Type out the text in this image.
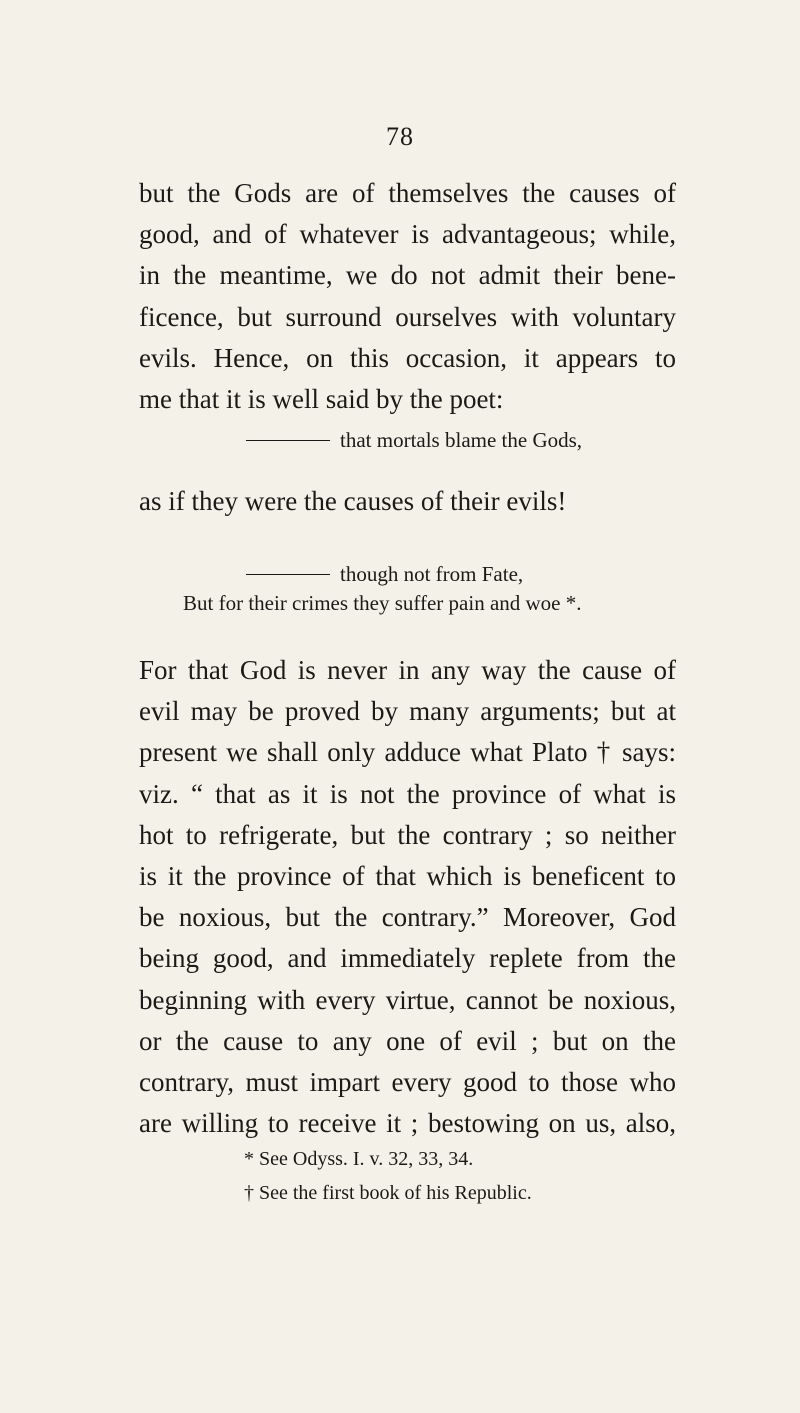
78
but the Gods are of themselves the causes of
good, and of whatever is advantageous; while,
in the meantime, we do not admit their bene-
ficence, but surround ourselves with voluntary
evils. Hence, on this occasion, it appears to
me that it is well said by the poet:
that mortals blame the Gods,
as if they were the causes of their evils!
though not from Fate,
But for their crimes they suffer pain and woe *.
For that God is never in any way the cause of
evil may be proved by many arguments; but at
present we shall only adduce what Plato † says:
viz. “ that as it is not the province of what is
hot to refrigerate, but the contrary ; so neither
is it the province of that which is beneficent to
be noxious, but the contrary.” Moreover, God
being good, and immediately replete from the
beginning with every virtue, cannot be noxious,
or the cause to any one of evil ; but on the
contrary, must impart every good to those who
are willing to receive it ; bestowing on us, also,
* See Odyss. I. v. 32, 33, 34.
† See the first book of his Republic.
